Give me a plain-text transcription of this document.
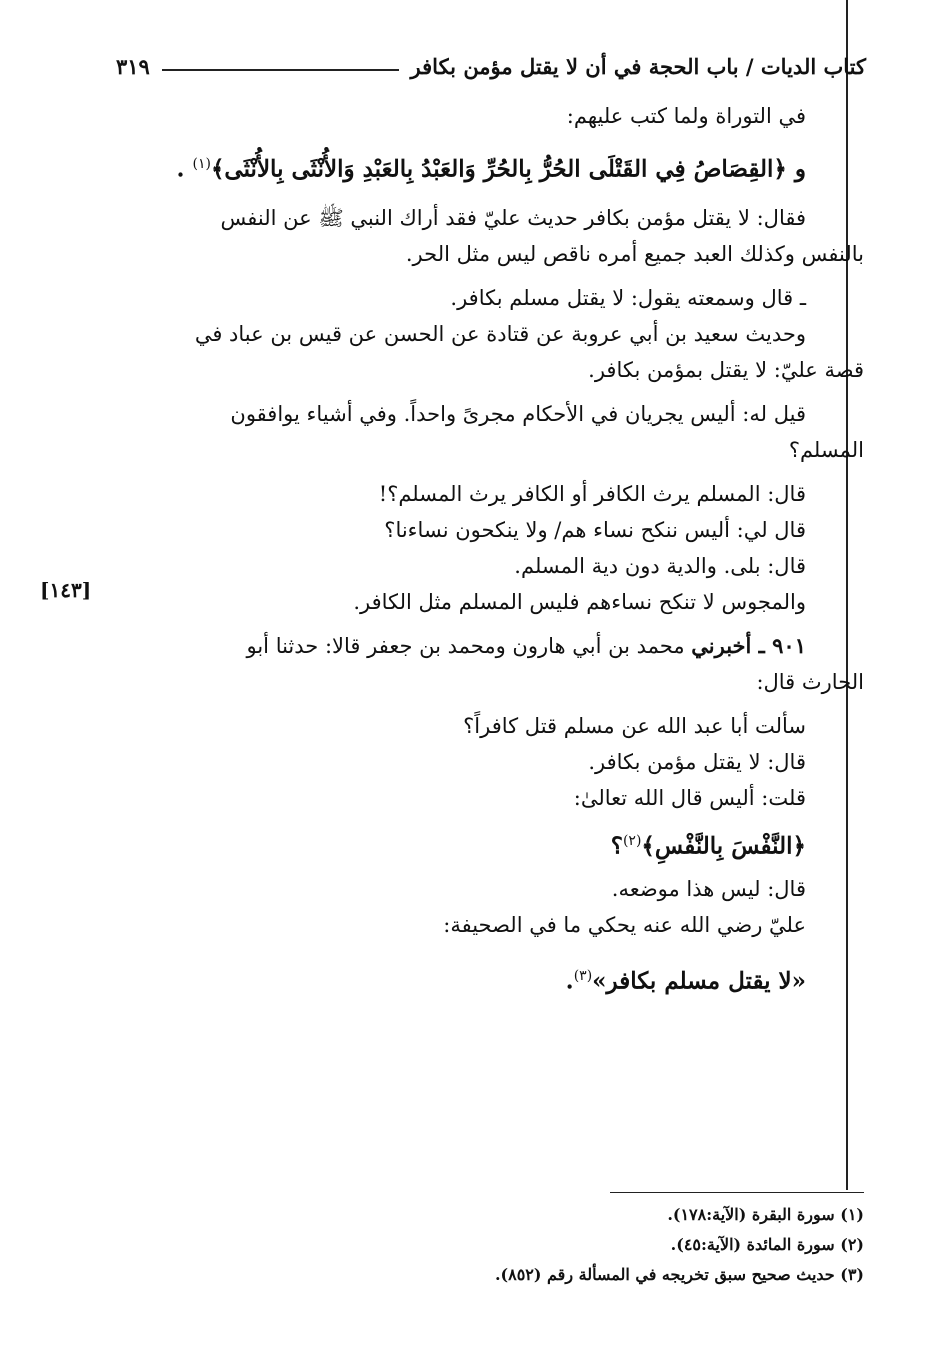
كتاب الديات / باب الحجة في أن لا يقتل مؤمن بكافر
٣١٩
[١٤٣]
في التوراة ولما كتب عليهم:
و ﴿القِصَاصُ فِي القَتْلَى الحُرُّ بِالحُرِّ وَالعَبْدُ بِالعَبْدِ وَالأُنْثَى بِالأُنْثَى﴾$^{(١)}$ .
فقال: لا يقتل مؤمن بكافر حديث عليّ فقد أراك النبي ﷺ عن النفس
بالنفس وكذلك العبد جميع أمره ناقص ليس مثل الحر.
ـ قال وسمعته يقول: لا يقتل مسلم بكافر.
وحديث سعيد بن أبي عروبة عن قتادة عن الحسن عن قيس بن عباد في
قصة عليّ: لا يقتل بمؤمن بكافر.
قيل له: أليس يجريان في الأحكام مجرىً واحداً. وفي أشياء يوافقون
المسلم؟
قال: المسلم يرث الكافر أو الكافر يرث المسلم؟!
قال لي: أليس ننكح نساء هم/ ولا ينكحون نساءنا؟
قال: بلى. والدية دون دية المسلم.
والمجوس لا تنكح نساءهم فليس المسلم مثل الكافر.
٩٠١ ـ أخبرني محمد بن أبي هارون ومحمد بن جعفر قالا: حدثنا أبو
الحارث قال:
سألت أبا عبد الله عن مسلم قتل كافراً؟
قال: لا يقتل مؤمن بكافر.
قلت: أليس قال الله تعالىٰ:
﴿النَّفْسَ بِالنَّفْسِ﴾$^{(٢)}$؟
قال: ليس هذا موضعه.
عليّ رضي الله عنه يحكي ما في الصحيفة:
«لا يقتل مسلم بكافر»$^{(٣)}$.
(١) سورة البقرة (الآية:١٧٨).
(٢) سورة المائدة (الآية:٤٥).
(٣) حديث صحيح سبق تخريجه في المسألة رقم (٨٥٢).
